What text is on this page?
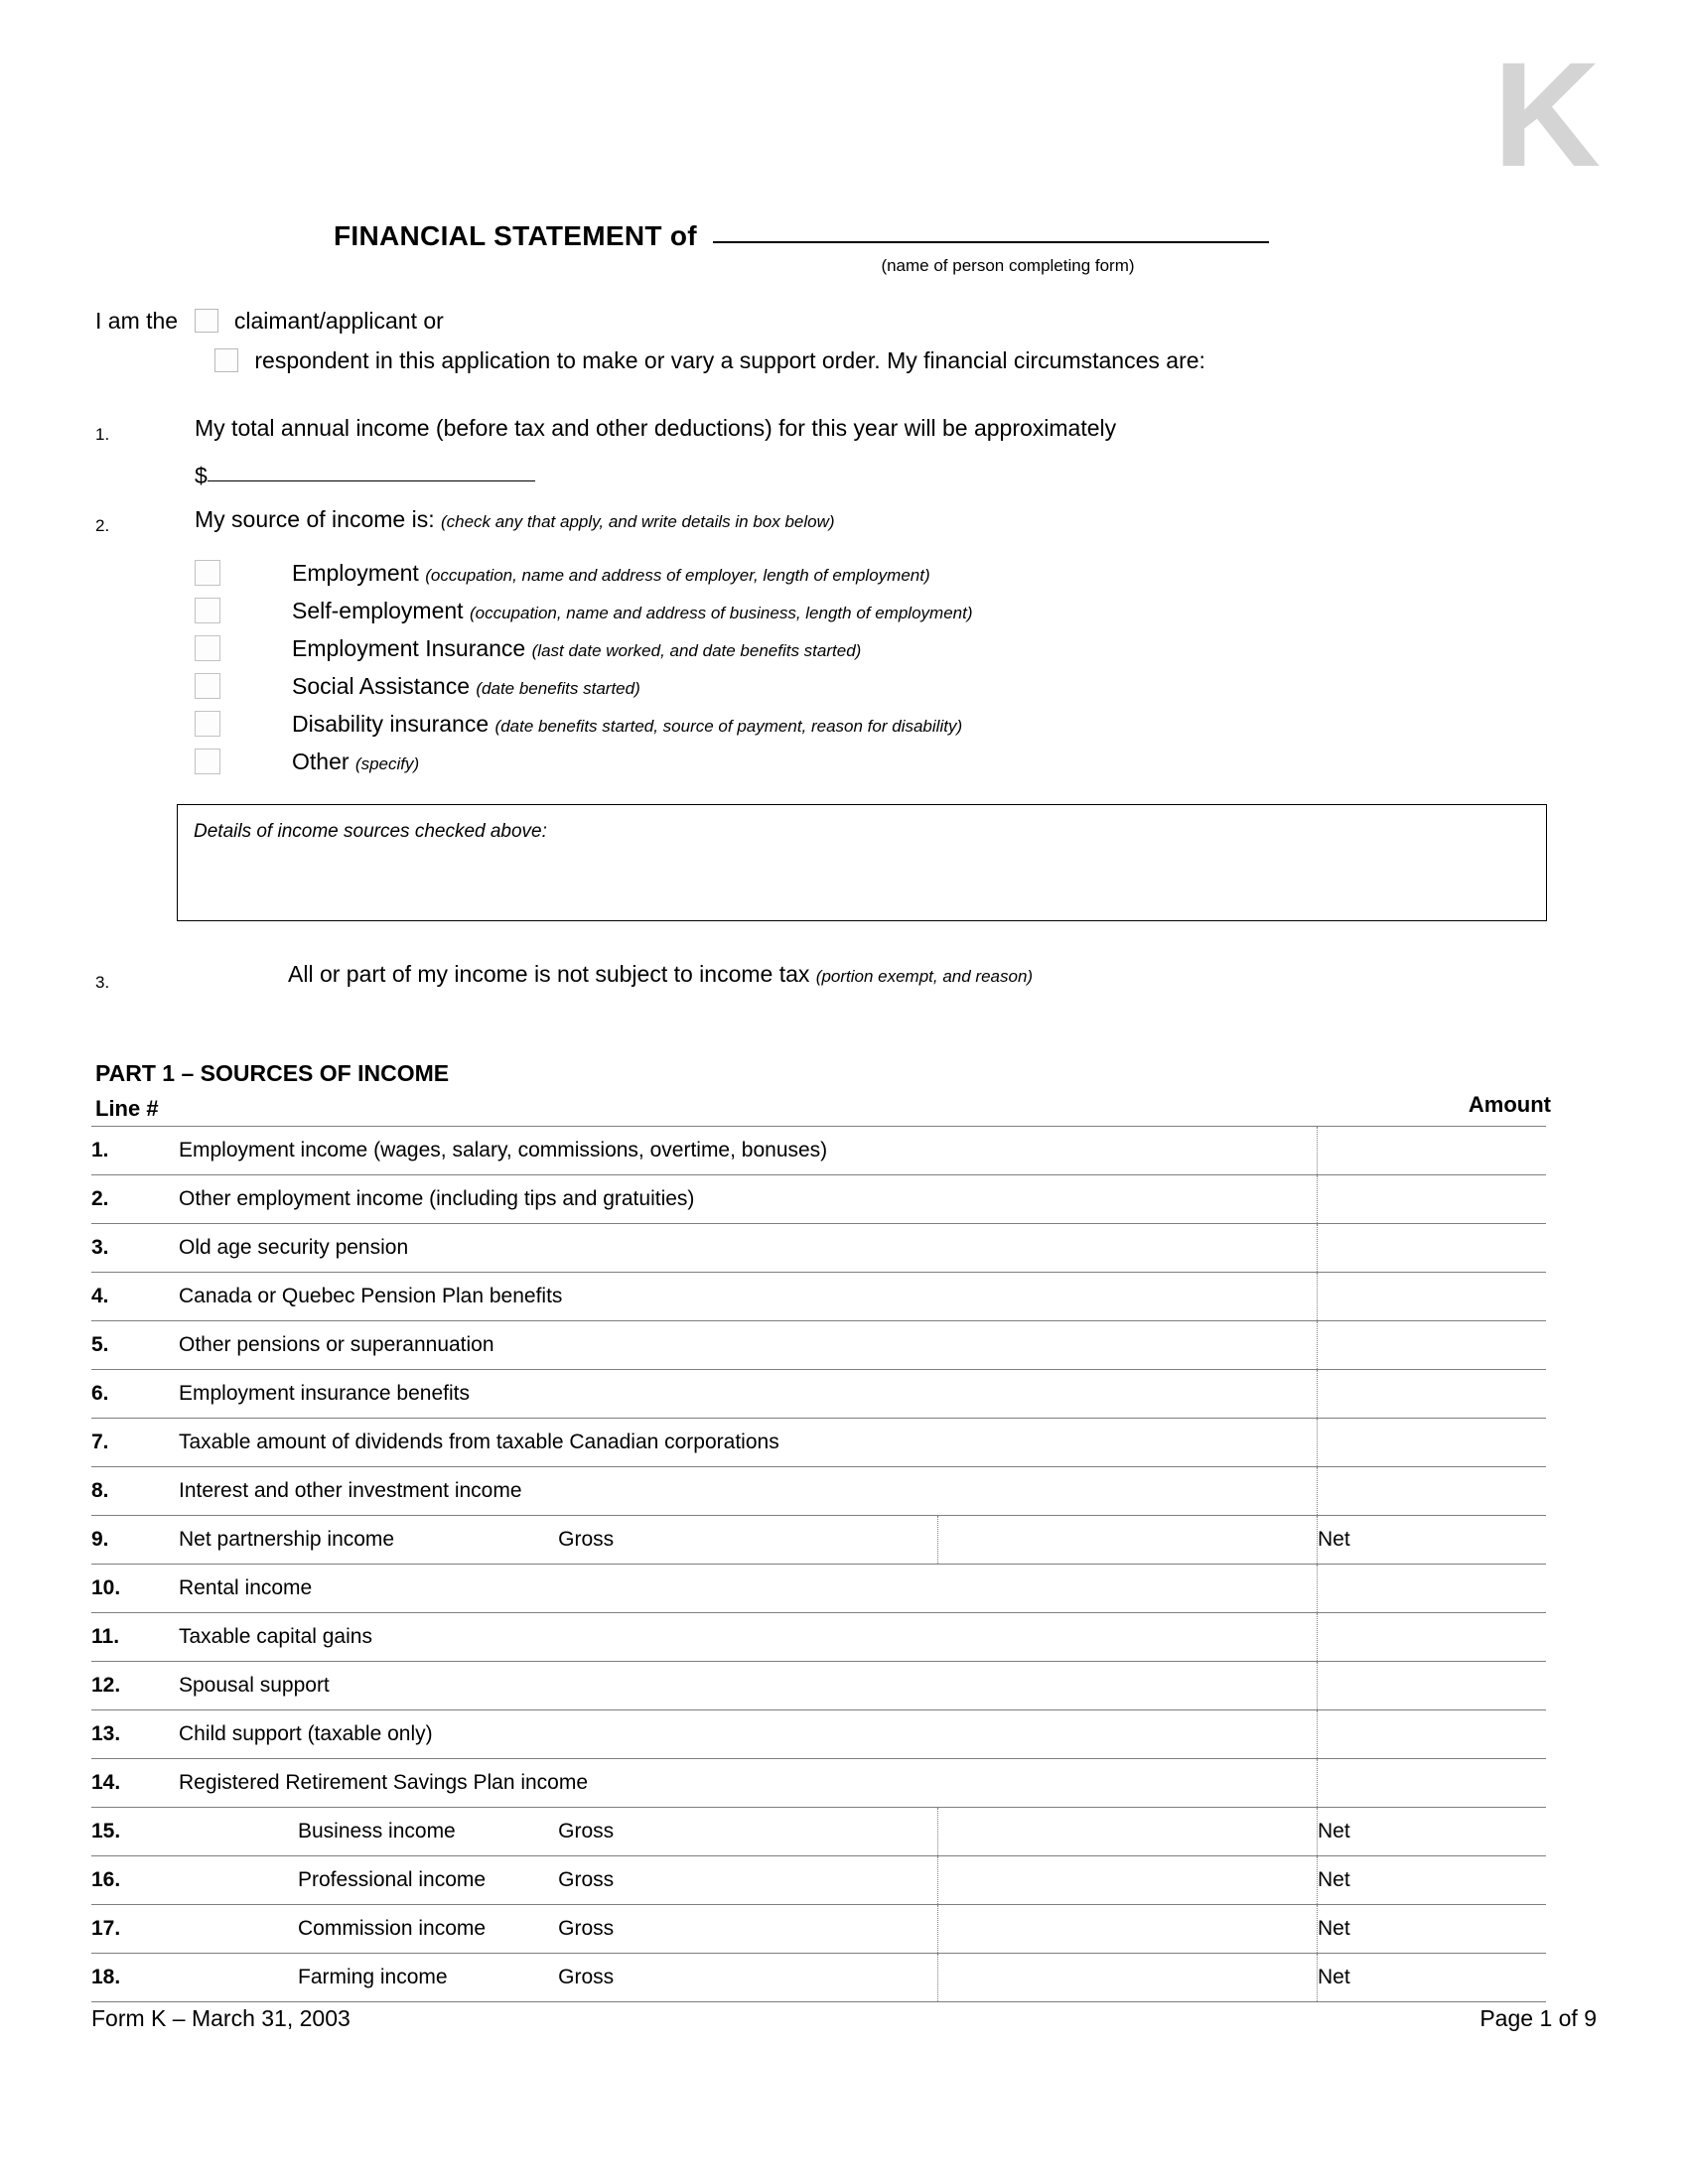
K
FINANCIAL STATEMENT of
(name of person completing form)
I am the claimant/applicant or
respondent in this application to make or vary a support order. My financial circumstances are:
1.	My total annual income (before tax and other deductions) for this year will be approximately
$
2.	My source of income is: (check any that apply, and write details in box below)
Employment (occupation, name and address of employer, length of employment)
Self-employment (occupation, name and address of business, length of employment)
Employment Insurance (last date worked, and date benefits started)
Social Assistance (date benefits started)
Disability insurance (date benefits started, source of payment, reason for disability)
Other (specify)
Details of income sources checked above:
3.	All or part of my income is not subject to income tax (portion exempt, and reason)
PART 1 – SOURCES OF INCOME
Line #	Amount
1.	Employment income (wages, salary, commissions, overtime, bonuses)			
2.	Other employment income (including tips and gratuities)			
3.	Old age security pension			
4.	Canada or Quebec Pension Plan benefits			
5.	Other pensions or superannuation			
6.	Employment insurance benefits			
7.	Taxable amount of dividends from taxable Canadian corporations			
8.	Interest and other investment income			
9.	Net partnership income	Gross		Net
10.	Rental income			
11.	Taxable capital gains			
12.	Spousal support			
13.	Child support (taxable only)			
14.	Registered Retirement Savings Plan income			
15.	Business income	Gross		Net
16.	Professional income	Gross		Net
17.	Commission income	Gross		Net
18.	Farming income	Gross		Net
Form K – March 31, 2003	Page 1 of 9
